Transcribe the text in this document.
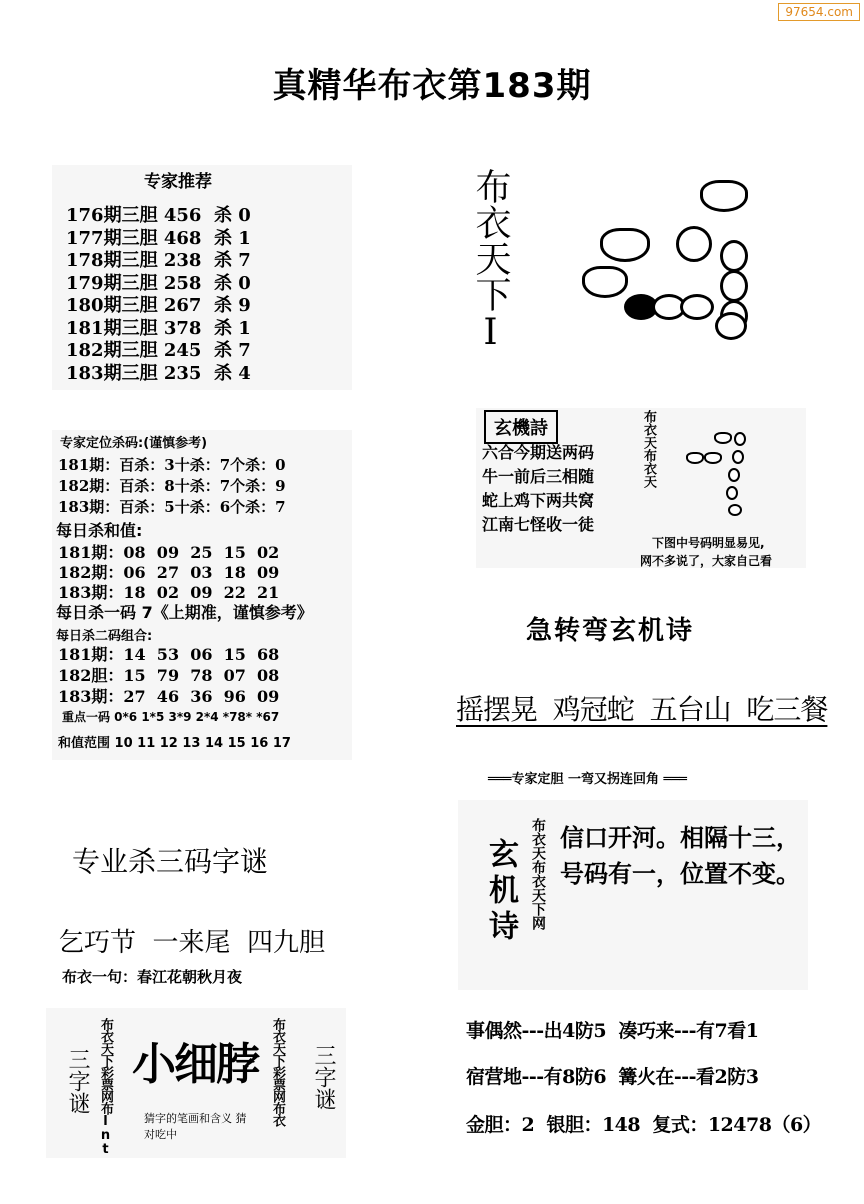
97654.com
真精华布衣第183期
专家推荐
176期三胆 456  杀 0
177期三胆 468  杀 1
178期三胆 238  杀 7
179期三胆 258  杀 0
180期三胆 267  杀 9
181期三胆 378  杀 1
182期三胆 245  杀 7
183期三胆 235  杀 4
专家定位杀码:(谨慎参考)
181期：百杀：3十杀：7个杀：0
182期：百杀：8十杀：7个杀：9
183期：百杀：5十杀：6个杀：7
每日杀和值:
181期：08  09  25  15  02
182期：06  27  03  18  09
183期：18  02  09  22  21
每日杀一码 7《上期准，谨慎参考》
每日杀二码组合:
181期：14  53  06  15  68
182胆：15  79  78  07  08
183期：27  46  36  96  09
重点一码 0*6 1*5 3*9 2*4 *78* *67
和值范围 10 11 12 13 14 15 16 17
专业杀三码字谜
乞巧节  一来尾  四九胆
布衣一句：春江花朝秋月夜
三字谜 布衣天下彩票网布lnt 小细脖
猜字的笔画和含义 猜
对吃中
布衣天下彩票网布衣 三字谜
布衣天下I
玄機詩
六合今期送两码
牛一前后三相随
蛇上鸡下两共窝
江南七怪收一徒
布衣天布衣天
下图中号码明显易见,
网不多说了，大家自己看
急转弯玄机诗
摇摆晃  鸡冠蛇  五台山  吃三餐
═══专家定胆 一弯又拐连回角 ═══
玄机诗 布衣天布衣天下网 信口开河。相隔十三，
号码有一，位置不变。
事偶然---出4防5  凑巧来---有7看1
宿营地---有8防6  篝火在---看2防3
金胆：2  银胆：148  复式：12478（6）
